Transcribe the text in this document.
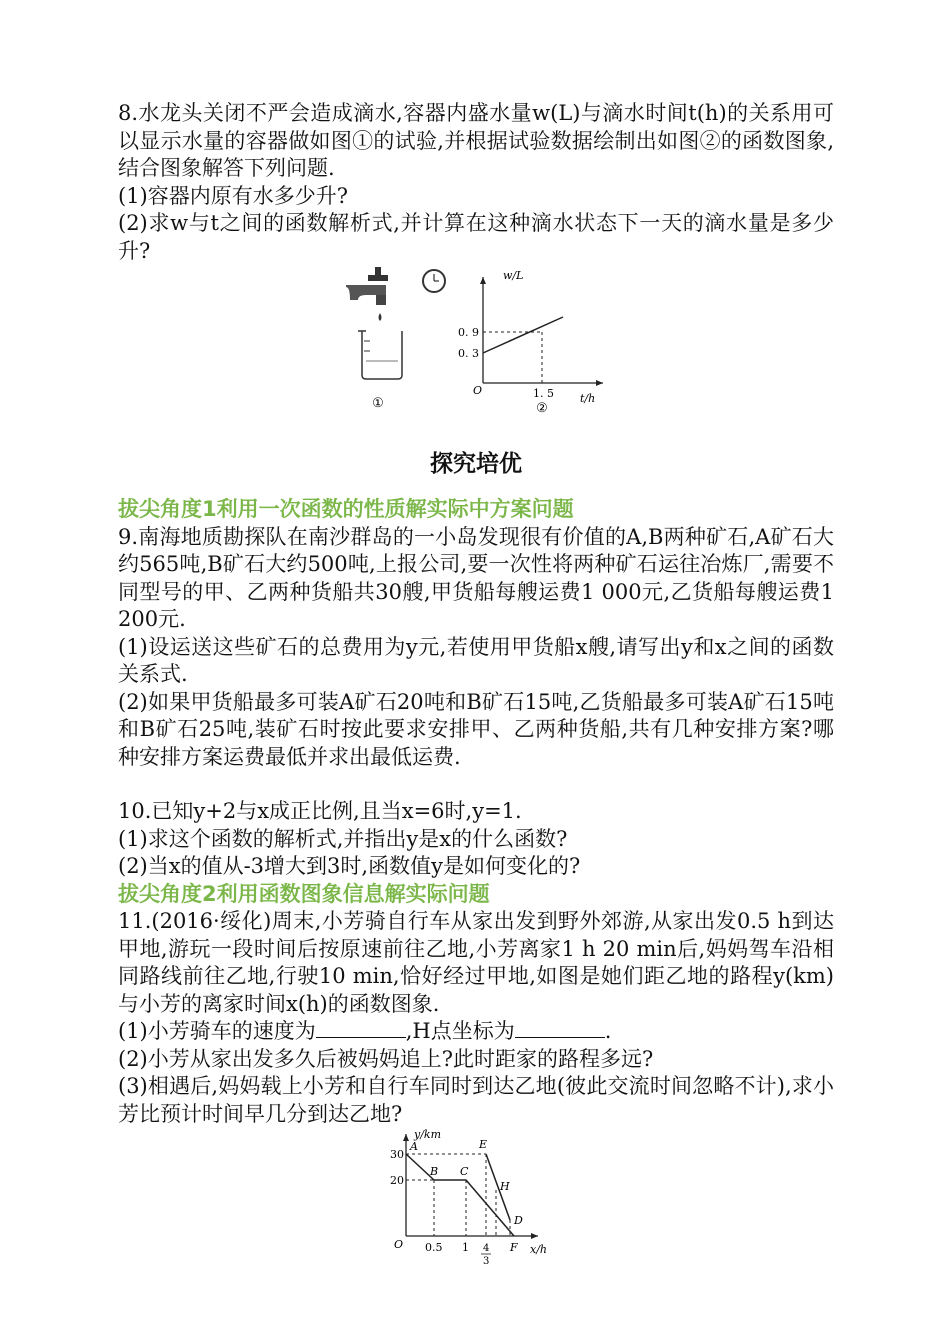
8.水龙头关闭不严会造成滴水,容器内盛水量w(L)与滴水时间t(h)的关系用可以显示水量的容器做如图①的试验,并根据试验数据绘制出如图②的函数图象,结合图象解答下列问题.

(1)容器内原有水多少升?

(2)求w与t之间的函数解析式,并计算在这种滴水状态下一天的滴水量是多少升?

①
w/L
t/h
O
0. 9
0. 3
1. 5
②
探究培优

拔尖角度1利用一次函数的性质解实际中方案问题

9.南海地质勘探队在南沙群岛的一小岛发现很有价值的A,B两种矿石,A矿石大约565吨,B矿石大约500吨,上报公司,要一次性将两种矿石运往冶炼厂,需要不同型号的甲、乙两种货船共30艘,甲货船每艘运费1 000元,乙货船每艘运费1 200元.

(1)设运送这些矿石的总费用为y元,若使用甲货船x艘,请写出y和x之间的函数关系式.

(2)如果甲货船最多可装A矿石20吨和B矿石15吨,乙货船最多可装A矿石15吨和B矿石25吨,装矿石时按此要求安排甲、乙两种货船,共有几种安排方案?哪种安排方案运费最低并求出最低运费.

10.已知y+2与x成正比例,且当x=6时,y=1.

(1)求这个函数的解析式,并指出y是x的什么函数?

(2)当x的值从-3增大到3时,函数值y是如何变化的?

拔尖角度2利用函数图象信息解实际问题

11.(2016·绥化)周末,小芳骑自行车从家出发到野外郊游,从家出发0.5 h到达甲地,游玩一段时间后按原速前往乙地,小芳离家1 h 20 min后,妈妈驾车沿相同路线前往乙地,行驶10 min,恰好经过甲地,如图是她们距乙地的路程y(km)与小芳的离家时间x(h)的函数图象.

(1)小芳骑车的速度为	,H点坐标为	.

(2)小芳从家出发多久后被妈妈追上?此时距家的路程多远?

(3)相遇后,妈妈载上小芳和自行车同时到达乙地(彼此交流时间忽略不计),求小芳比预计时间早几分到达乙地?

y/km
x/h
O
30
20
0.5 1 4
3
A
B C
E
H
D
F
